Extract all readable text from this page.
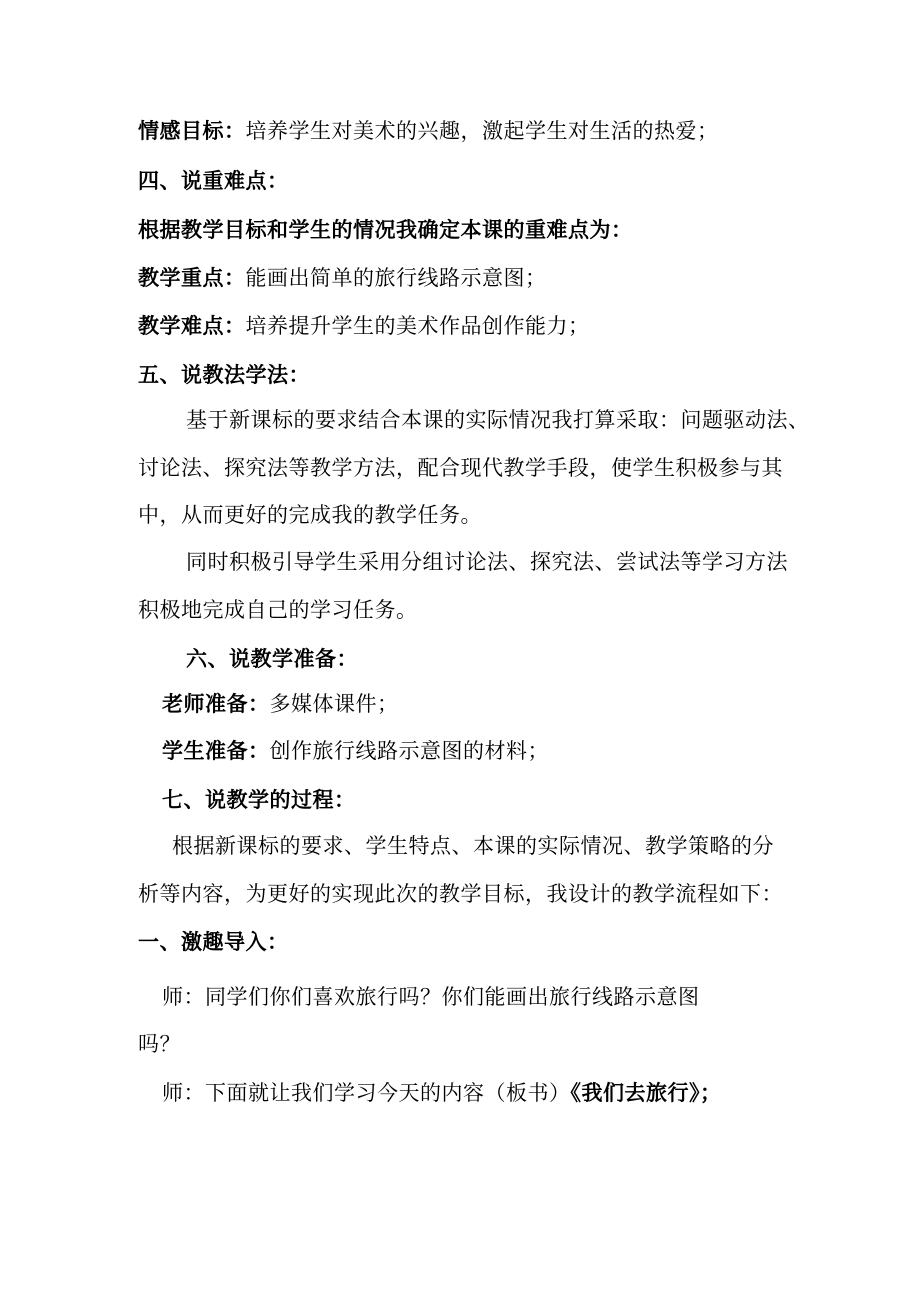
情感目标：培养学生对美术的兴趣，激起学生对生活的热爱；
四、说重难点：
根据教学目标和学生的情况我确定本课的重难点为：
教学重点：能画出简单的旅行线路示意图；
教学难点：培养提升学生的美术作品创作能力；
五、说教法学法：
基于新课标的要求结合本课的实际情况我打算采取：问题驱动法、
讨论法、探究法等教学方法，配合现代教学手段，使学生积极参与其
中，从而更好的完成我的教学任务。
同时积极引导学生采用分组讨论法、探究法、尝试法等学习方法
积极地完成自己的学习任务。
六、说教学准备：
老师准备：多媒体课件；
学生准备：创作旅行线路示意图的材料；
七、说教学的过程：
根据新课标的要求、学生特点、本课的实际情况、教学策略的分
析等内容，为更好的实现此次的教学目标，我设计的教学流程如下：
一、激趣导入：
师：同学们你们喜欢旅行吗？你们能画出旅行线路示意图
吗？
师：下面就让我们学习今天的内容（板书）《我们去旅行》；
